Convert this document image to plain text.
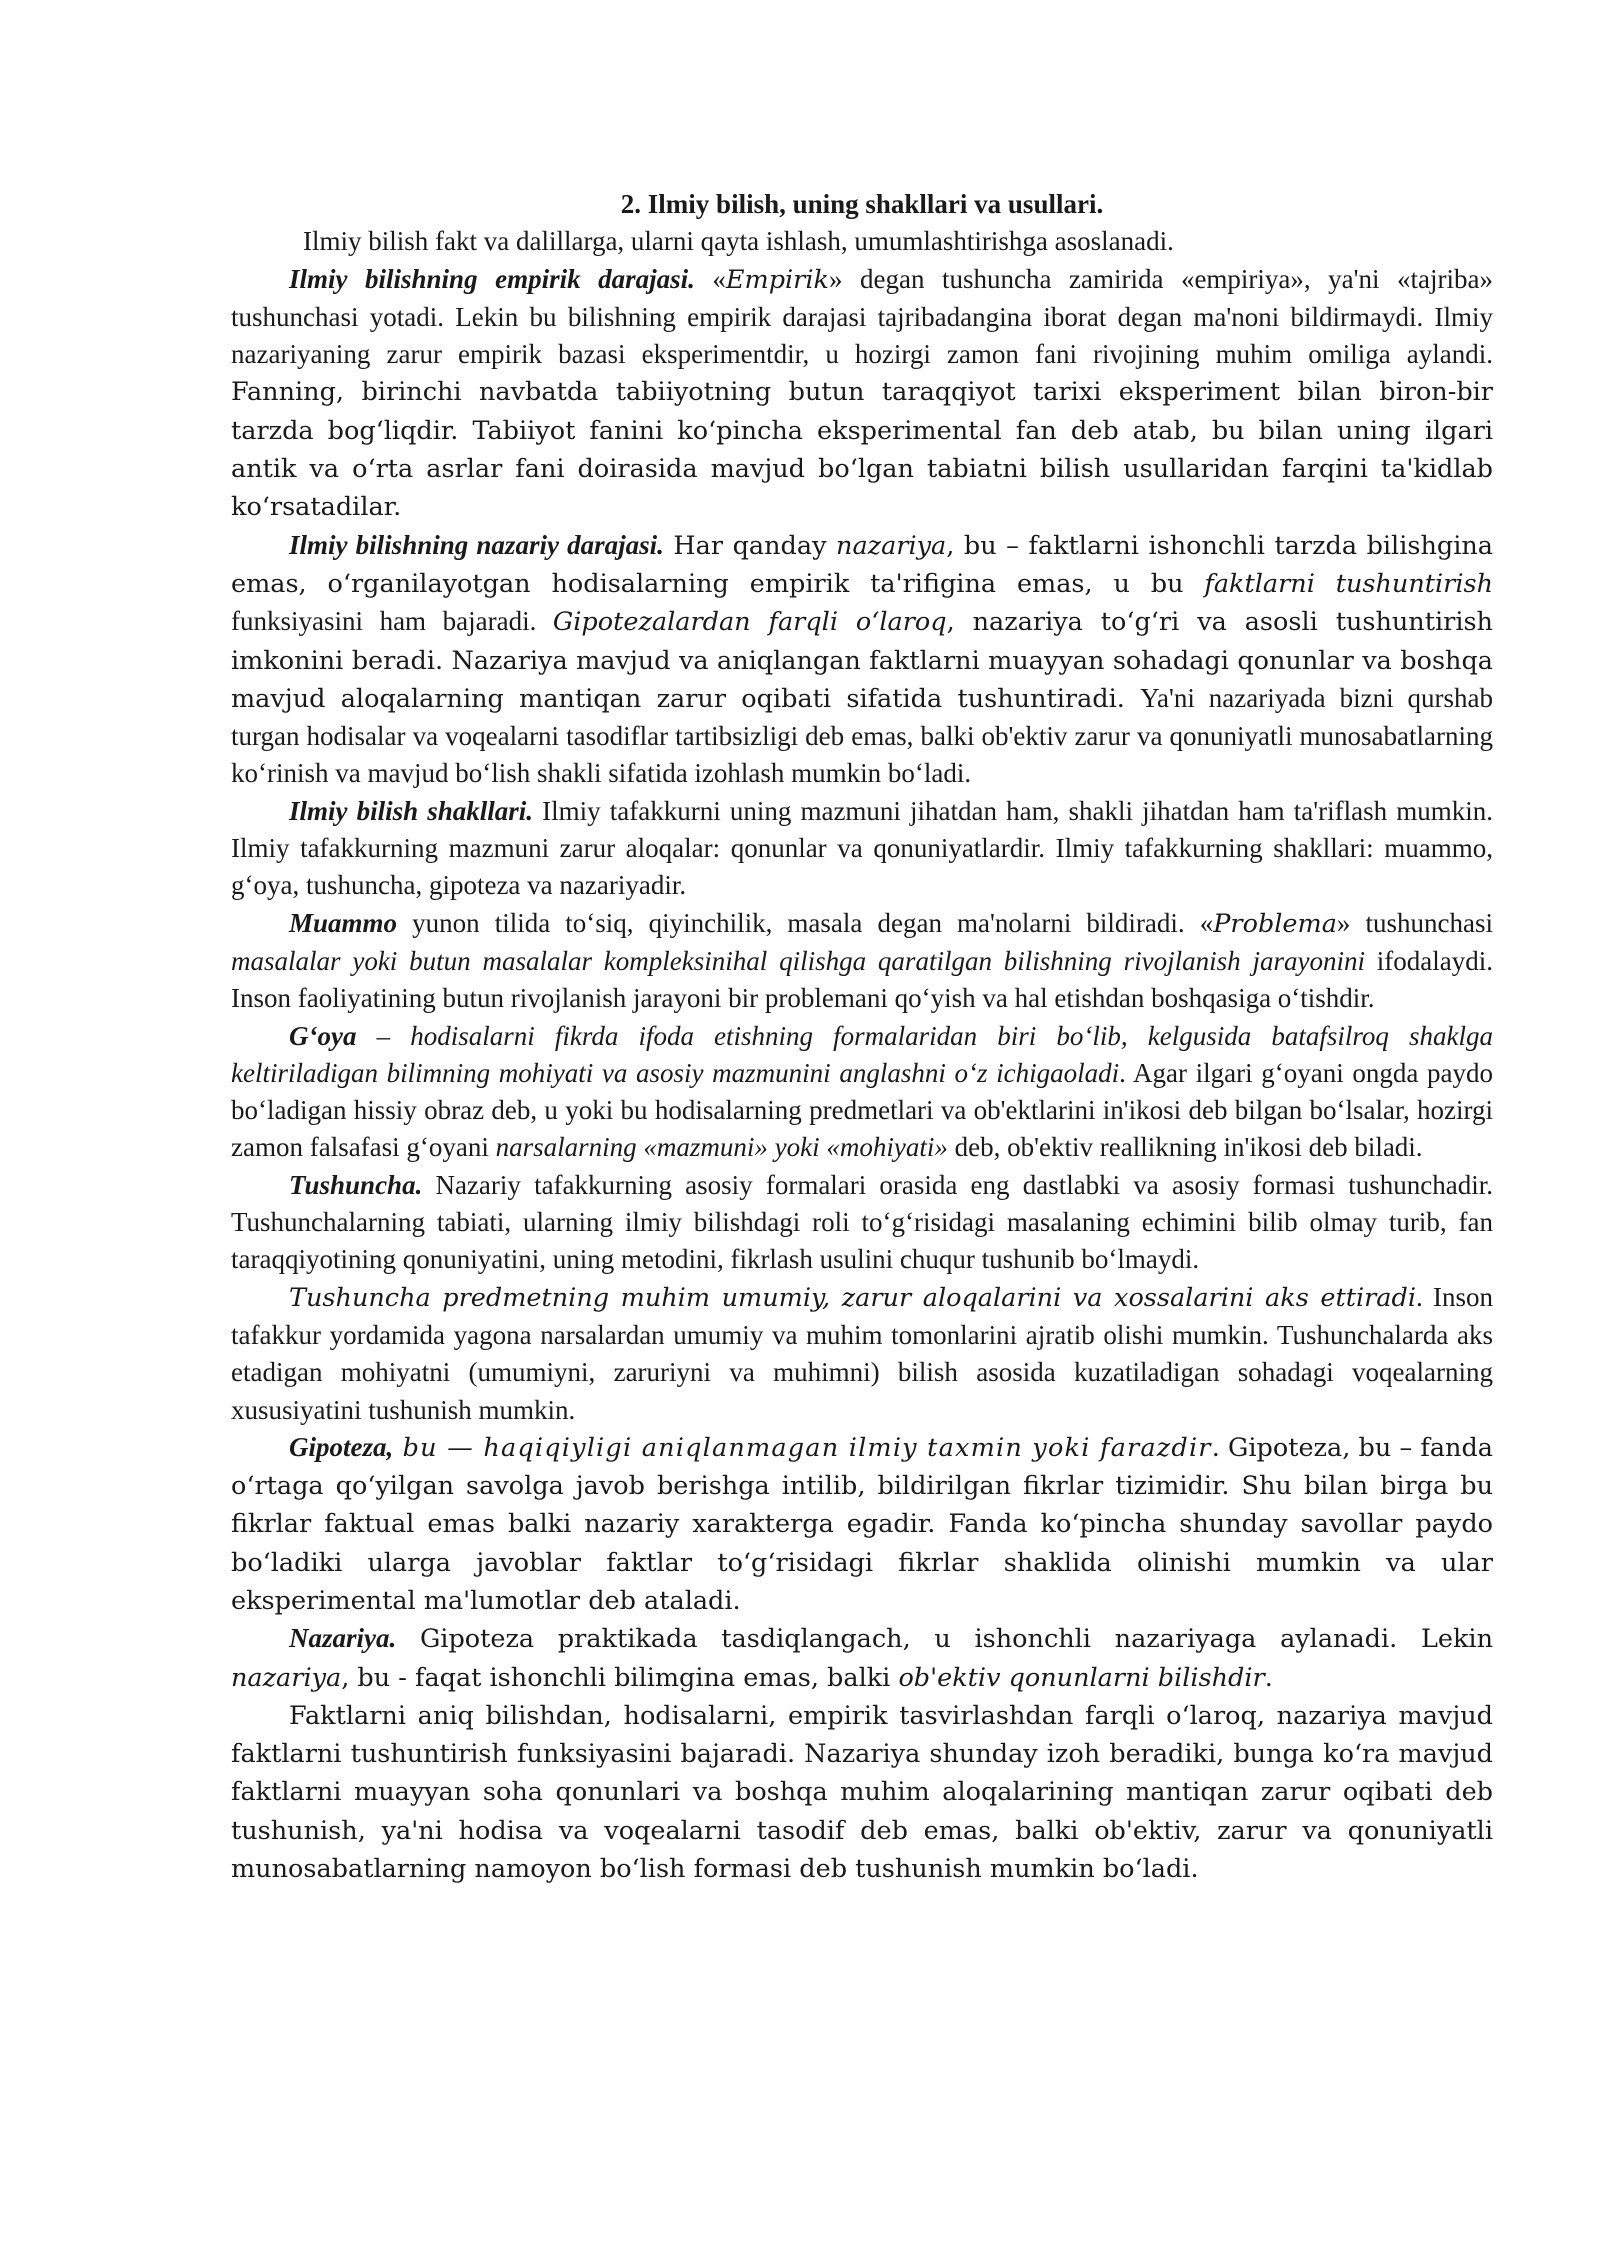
2. Ilmiy bilish, uning shakllari va usullari.

Ilmiy bilish fakt va dalillarga, ularni qayta ishlash, umumlashtirishga asoslanadi.

Ilmiy bilishning empirik darajasi. «Empirik» degan tushuncha zamirida «empiriya», ya'ni «tajriba» tushunchasi yotadi. Lekin bu bilishning empirik darajasi tajribadangina iborat degan ma'noni bildirmaydi. Ilmiy nazariyaning zarur empirik bazasi eksperimentdir, u hozirgi zamon fani rivojining muhim omiliga aylandi. Fanning, birinchi navbatda tabiiyotning butun taraqqiyot tarixi eksperiment bilan biron-bir tarzda bog‘liqdir. Tabiiyot fanini ko‘pincha eksperimental fan deb atab, bu bilan uning ilgari antik va o‘rta asrlar fani doirasida mavjud bo‘lgan tabiatni bilish usullaridan farqini ta'kidlab ko‘rsatadilar.

Ilmiy bilishning nazariy darajasi. Har qanday nazariya, bu – faktlarni ishonchli tarzda bilishgina emas, o‘rganilayotgan hodisalarning empirik ta'rifigina emas, u bu faktlarni tushuntirish funksiyasini ham bajaradi. Gipotezalardan farqli o‘laroq, nazariya to‘g‘ri va asosli tushuntirish imkonini beradi. Nazariya mavjud va aniqlangan faktlarni muayyan sohadagi qonunlar va boshqa mavjud aloqalarning mantiqan zarur oqibati sifatida tushuntiradi. Ya'ni nazariyada bizni qurshab turgan hodisalar va voqealarni tasodiflar tartibsizligi deb emas, balki ob'ektiv zarur va qonuniyatli munosabatlarning ko‘rinish va mavjud bo‘lish shakli sifatida izohlash mumkin bo‘ladi.

Ilmiy bilish shakllari. Ilmiy tafakkurni uning mazmuni jihatdan ham, shakli jihatdan ham ta'riflash mumkin. Ilmiy tafakkurning mazmuni zarur aloqalar: qonunlar va qonuniyatlardir. Ilmiy tafakkurning shakllari: muammo, g‘oya, tushuncha, gipoteza va nazariyadir.

Muammo yunon tilida to‘siq, qiyinchilik, masala degan ma'nolarni bildiradi. «Problema» tushunchasi masalalar yoki butun masalalar kompleksinihal qilishga qaratilgan bilishning rivojlanish jarayonini ifodalaydi. Inson faoliyatining butun rivojlanish jarayoni bir problemani qo‘yish va hal etishdan boshqasiga o‘tishdir.

G‘oya – hodisalarni fikrda ifoda etishning formalaridan biri bo‘lib, kelgusida batafsilroq shaklga keltiriladigan bilimning mohiyati va asosiy mazmunini anglashni o‘z ichigaoladi. Agar ilgari g‘oyani ongda paydo bo‘ladigan hissiy obraz deb, u yoki bu hodisalarning predmetlari va ob'ektlarini in'ikosi deb bilgan bo‘lsalar, hozirgi zamon falsafasi g‘oyani narsalarning «mazmuni» yoki «mohiyati» deb, ob'ektiv reallikning in'ikosi deb biladi.

Tushuncha. Nazariy tafakkurning asosiy formalari orasida eng dastlabki va asosiy formasi tushunchadir. Tushunchalarning tabiati, ularning ilmiy bilishdagi roli to‘g‘risidagi masalaning echimini bilib olmay turib, fan taraqqiyotining qonuniyatini, uning metodini, fikrlash usulini chuqur tushunib bo‘lmaydi.

Tushuncha predmetning muhim umumiy, zarur aloqalarini va xossalarini aks ettiradi. Inson tafakkur yordamida yagona narsalardan umumiy va muhim tomonlarini ajratib olishi mumkin. Tushunchalarda aks etadigan mohiyatni (umumiyni, zaruriyni va muhimni) bilish asosida kuzatiladigan sohadagi voqealarning xususiyatini tushunish mumkin.

Gipoteza, bu — haqiqiyligi aniqlanmagan ilmiy taxmin yoki farazdir. Gipoteza, bu – fanda o‘rtaga qo‘yilgan savolga javob berishga intilib, bildirilgan fikrlar tizimidir. Shu bilan birga bu fikrlar faktual emas balki nazariy xarakterga egadir. Fanda ko‘pincha shunday savollar paydo bo‘ladiki ularga javoblar faktlar to‘g‘risidagi fikrlar shaklida olinishi mumkin va ular eksperimental ma'lumotlar deb ataladi.

Nazariya. Gipoteza praktikada tasdiqlangach, u ishonchli nazariyaga aylanadi. Lekin nazariya, bu - faqat ishonchli bilimgina emas, balki ob'ektiv qonunlarni bilishdir.

Faktlarni aniq bilishdan, hodisalarni, empirik tasvirlashdan farqli o‘laroq, nazariya mavjud faktlarni tushuntirish funksiyasini bajaradi. Nazariya shunday izoh beradiki, bunga ko‘ra mavjud faktlarni muayyan soha qonunlari va boshqa muhim aloqalarining mantiqan zarur oqibati deb tushunish, ya'ni hodisa va voqealarni tasodif deb emas, balki ob'ektiv, zarur va qonuniyatli munosabatlarning namoyon bo‘lish formasi deb tushunish mumkin bo‘ladi.
